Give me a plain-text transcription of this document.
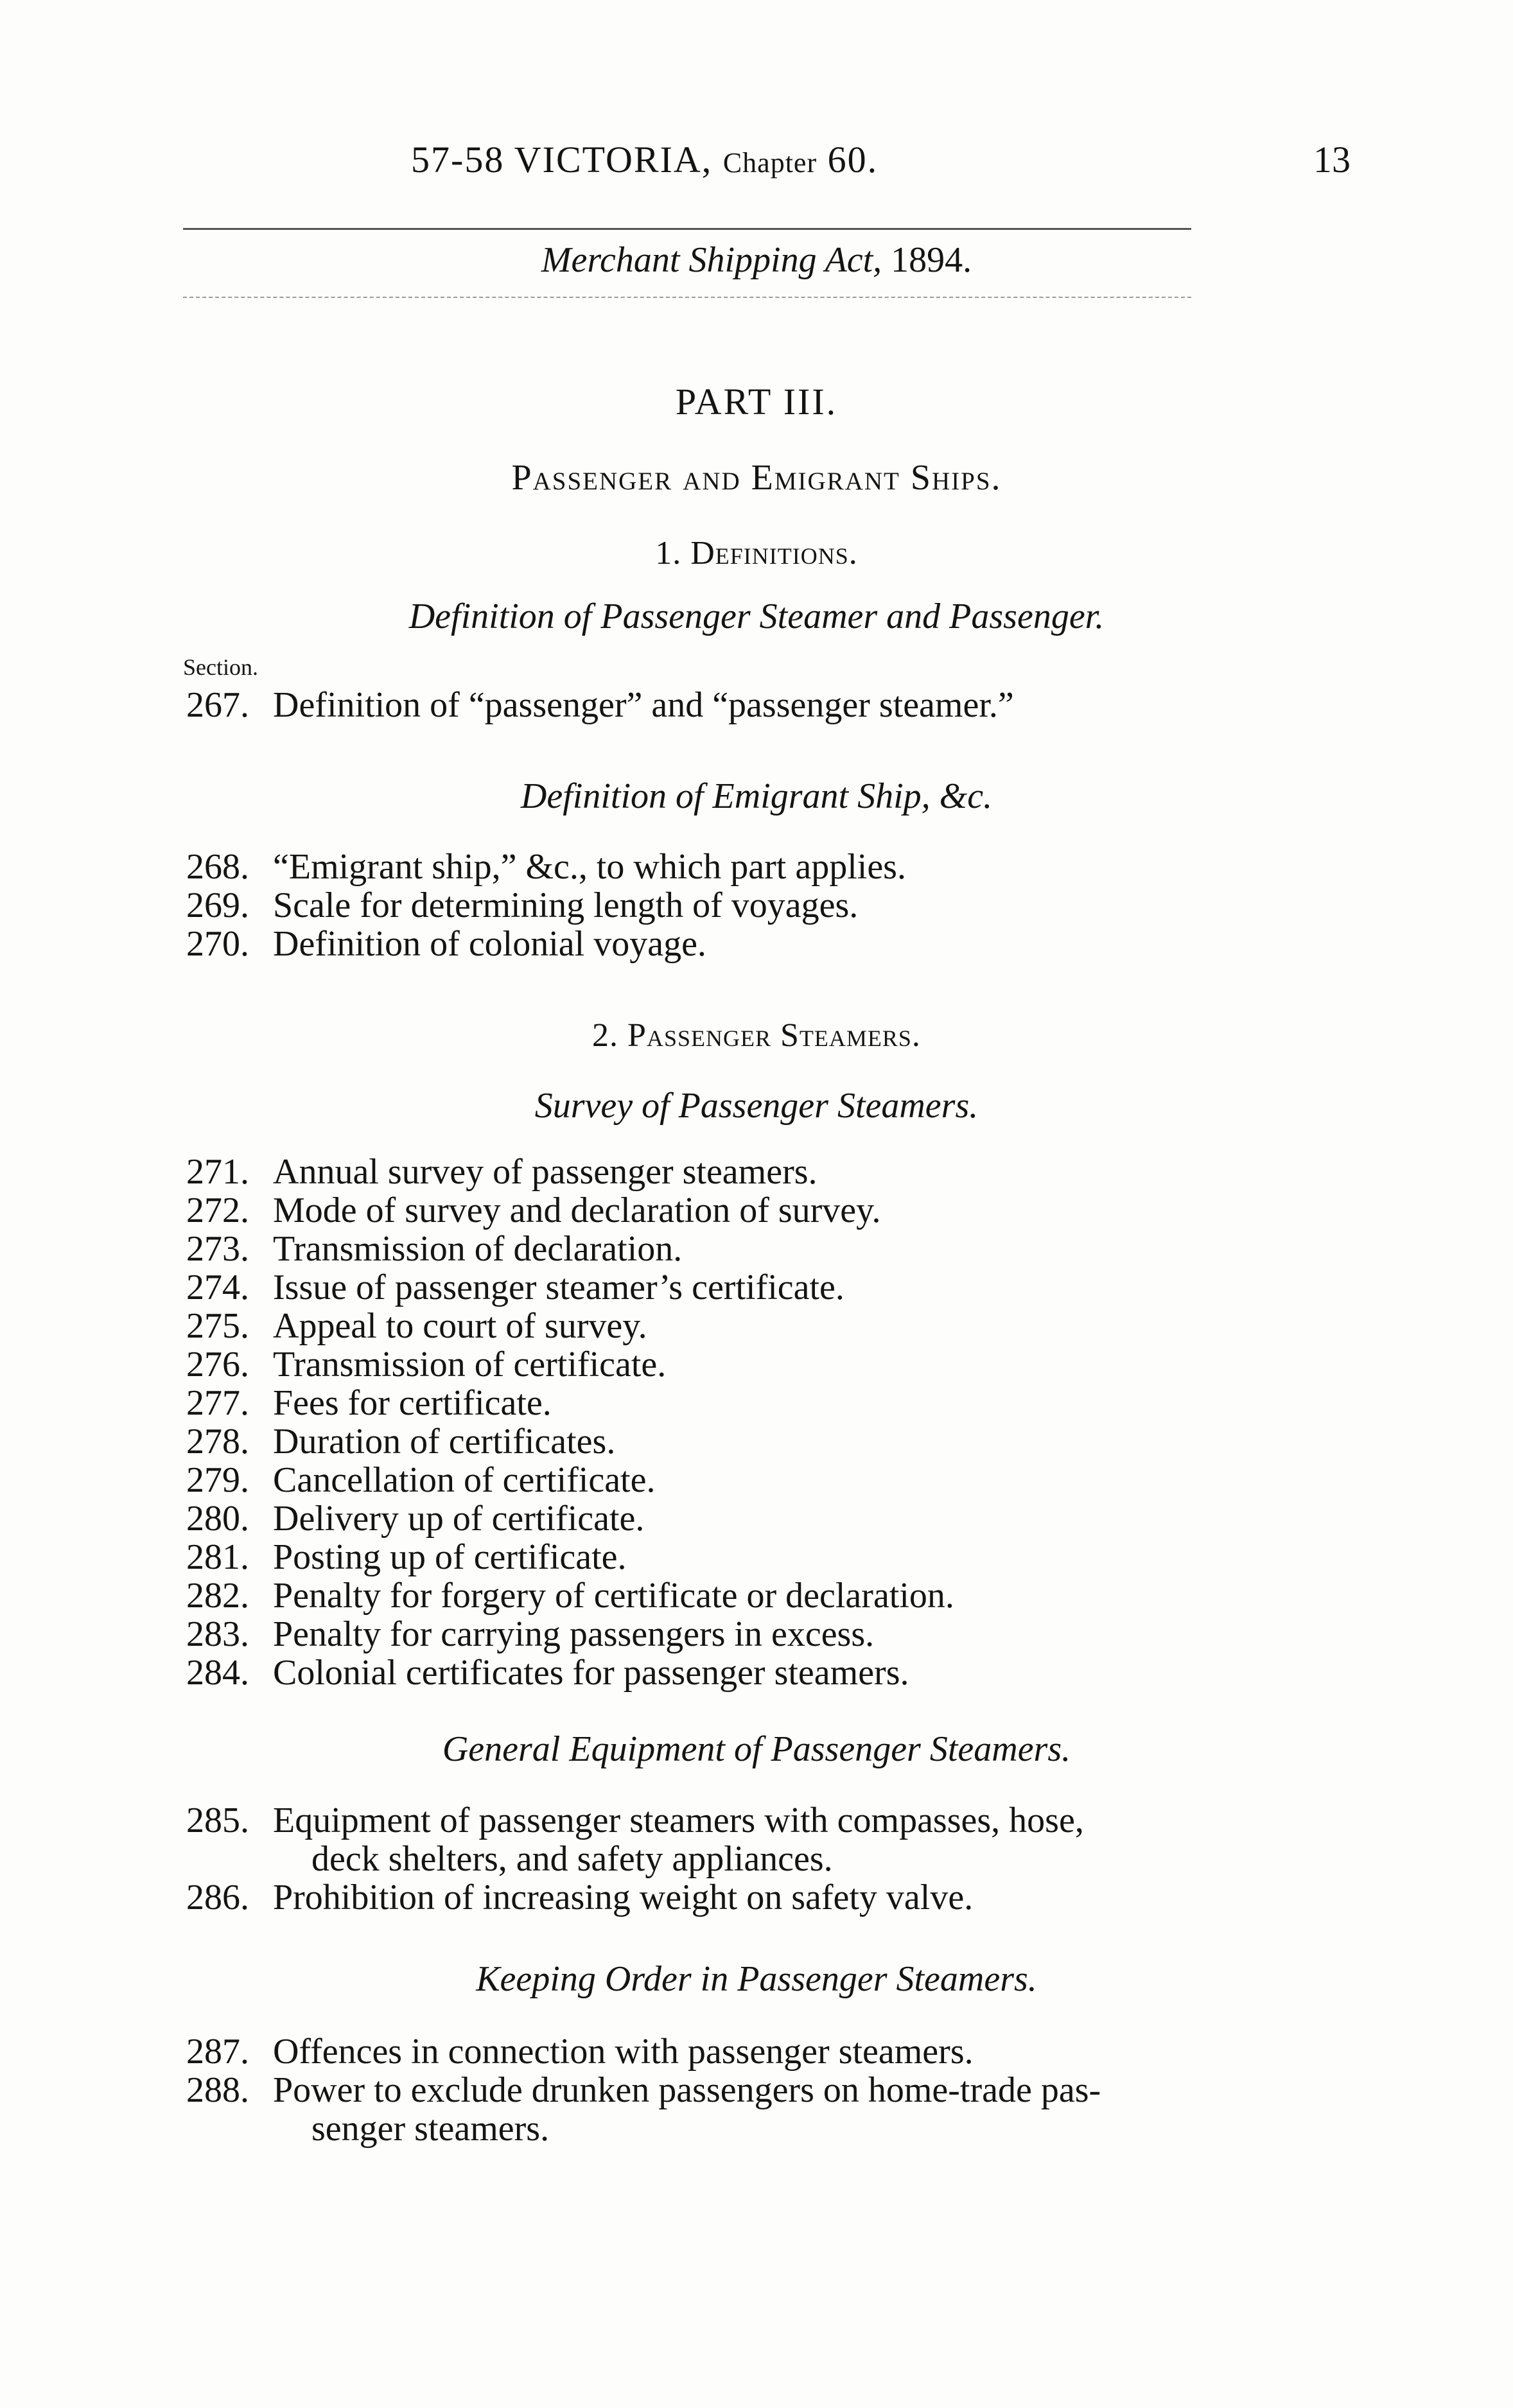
57-58 VICTORIA, Chapter 60.	13
Merchant Shipping Act, 1894.
PART III.
Passenger and Emigrant Ships.
1. Definitions.
Definition of Passenger Steamer and Passenger.
Section.
267. Definition of “passenger” and “passenger steamer.”
Definition of Emigrant Ship, &c.
268. “Emigrant ship,” &c., to which part applies.
269. Scale for determining length of voyages.
270. Definition of colonial voyage.
2. Passenger Steamers.
Survey of Passenger Steamers.
271. Annual survey of passenger steamers.
272. Mode of survey and declaration of survey.
273. Transmission of declaration.
274. Issue of passenger steamer’s certificate.
275. Appeal to court of survey.
276. Transmission of certificate.
277. Fees for certificate.
278. Duration of certificates.
279. Cancellation of certificate.
280. Delivery up of certificate.
281. Posting up of certificate.
282. Penalty for forgery of certificate or declaration.
283. Penalty for carrying passengers in excess.
284. Colonial certificates for passenger steamers.
General Equipment of Passenger Steamers.
285. Equipment of passenger steamers with compasses, hose,
deck shelters, and safety appliances.
286. Prohibition of increasing weight on safety valve.
Keeping Order in Passenger Steamers.
287. Offences in connection with passenger steamers.
288. Power to exclude drunken passengers on home-trade pas-
senger steamers.
